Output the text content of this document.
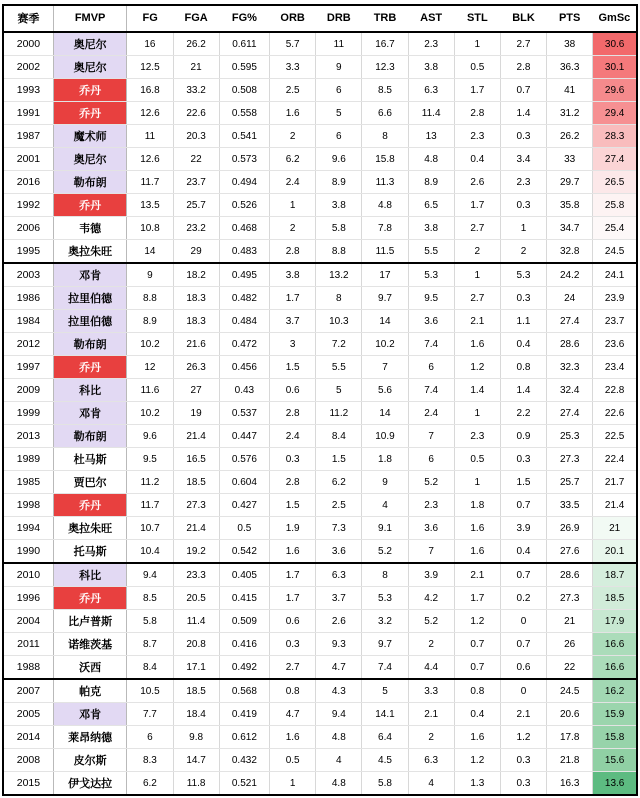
赛季	FMVP	FG	FGA	FG%	ORB	DRB	TRB	AST	STL	BLK	PTS	GmSc
2000	奥尼尔	16	26.2	0.611	5.7	11	16.7	2.3	1	2.7	38	30.6
2002	奥尼尔	12.5	21	0.595	3.3	9	12.3	3.8	0.5	2.8	36.3	30.1
1993	乔丹	16.8	33.2	0.508	2.5	6	8.5	6.3	1.7	0.7	41	29.6
1991	乔丹	12.6	22.6	0.558	1.6	5	6.6	11.4	2.8	1.4	31.2	29.4
1987	魔术师	11	20.3	0.541	2	6	8	13	2.3	0.3	26.2	28.3
2001	奥尼尔	12.6	22	0.573	6.2	9.6	15.8	4.8	0.4	3.4	33	27.4
2016	勒布朗	11.7	23.7	0.494	2.4	8.9	11.3	8.9	2.6	2.3	29.7	26.5
1992	乔丹	13.5	25.7	0.526	1	3.8	4.8	6.5	1.7	0.3	35.8	25.8
2006	韦德	10.8	23.2	0.468	2	5.8	7.8	3.8	2.7	1	34.7	25.4
1995	奥拉朱旺	14	29	0.483	2.8	8.8	11.5	5.5	2	2	32.8	24.5
2003	邓肯	9	18.2	0.495	3.8	13.2	17	5.3	1	5.3	24.2	24.1
1986	拉里伯德	8.8	18.3	0.482	1.7	8	9.7	9.5	2.7	0.3	24	23.9
1984	拉里伯德	8.9	18.3	0.484	3.7	10.3	14	3.6	2.1	1.1	27.4	23.7
2012	勒布朗	10.2	21.6	0.472	3	7.2	10.2	7.4	1.6	0.4	28.6	23.6
1997	乔丹	12	26.3	0.456	1.5	5.5	7	6	1.2	0.8	32.3	23.4
2009	科比	11.6	27	0.43	0.6	5	5.6	7.4	1.4	1.4	32.4	22.8
1999	邓肯	10.2	19	0.537	2.8	11.2	14	2.4	1	2.2	27.4	22.6
2013	勒布朗	9.6	21.4	0.447	2.4	8.4	10.9	7	2.3	0.9	25.3	22.5
1989	杜马斯	9.5	16.5	0.576	0.3	1.5	1.8	6	0.5	0.3	27.3	22.4
1985	贾巴尔	11.2	18.5	0.604	2.8	6.2	9	5.2	1	1.5	25.7	21.7
1998	乔丹	11.7	27.3	0.427	1.5	2.5	4	2.3	1.8	0.7	33.5	21.4
1994	奥拉朱旺	10.7	21.4	0.5	1.9	7.3	9.1	3.6	1.6	3.9	26.9	21
1990	托马斯	10.4	19.2	0.542	1.6	3.6	5.2	7	1.6	0.4	27.6	20.1
2010	科比	9.4	23.3	0.405	1.7	6.3	8	3.9	2.1	0.7	28.6	18.7
1996	乔丹	8.5	20.5	0.415	1.7	3.7	5.3	4.2	1.7	0.2	27.3	18.5
2004	比卢普斯	5.8	11.4	0.509	0.6	2.6	3.2	5.2	1.2	0	21	17.9
2011	诺维茨基	8.7	20.8	0.416	0.3	9.3	9.7	2	0.7	0.7	26	16.6
1988	沃西	8.4	17.1	0.492	2.7	4.7	7.4	4.4	0.7	0.6	22	16.6
2007	帕克	10.5	18.5	0.568	0.8	4.3	5	3.3	0.8	0	24.5	16.2
2005	邓肯	7.7	18.4	0.419	4.7	9.4	14.1	2.1	0.4	2.1	20.6	15.9
2014	莱昂纳德	6	9.8	0.612	1.6	4.8	6.4	2	1.6	1.2	17.8	15.8
2008	皮尔斯	8.3	14.7	0.432	0.5	4	4.5	6.3	1.2	0.3	21.8	15.6
2015	伊戈达拉	6.2	11.8	0.521	1	4.8	5.8	4	1.3	0.3	16.3	13.6
